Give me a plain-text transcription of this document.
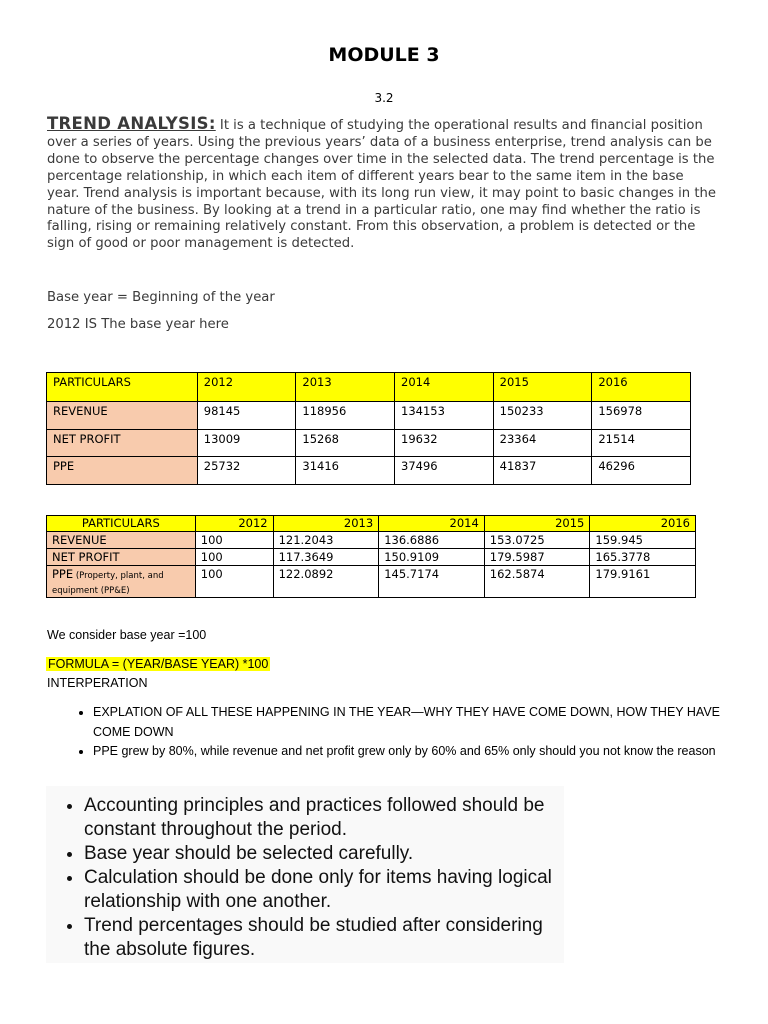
MODULE 3
3.2
TREND ANALYSIS: It is a technique of studying the operational results and financial position over a series of years. Using the previous years’ data of a business enterprise, trend analysis can be done to observe the percentage changes over time in the selected data. The trend percentage is the percentage relationship, in which each item of different years bear to the same item in the base year. Trend analysis is important because, with its long run view, it may point to basic changes in the nature of the business. By looking at a trend in a particular ratio, one may find whether the ratio is falling, rising or remaining relatively constant. From this observation, a problem is detected or the sign of good or poor management is detected.
Base year = Beginning of the year
2012 IS The base year here
PARTICULARS	2012	2013	2014	2015	2016
REVENUE	98145	118956	134153	150233	156978
NET PROFIT	13009	15268	19632	23364	21514
PPE	25732	31416	37496	41837	46296
PARTICULARS	2012	2013	2014	2015	2016
REVENUE	100	121.2043	136.6886	153.0725	159.945
NET PROFIT	100	117.3649	150.9109	179.5987	165.3778
PPE (Property, plant, and equipment (PP&E)	100	122.0892	145.7174	162.5874	179.9161
We consider base year =100
FORMULA = (YEAR/BASE YEAR) *100
INTERPERATION
• EXPLATION OF ALL THESE HAPPENING IN THE YEAR—WHY THEY HAVE COME DOWN, HOW THEY HAVE COME DOWN
• PPE grew by 80%, while revenue and net profit grew only by 60% and 65% only should you not know the reason
• Accounting principles and practices followed should be constant throughout the period.
• Base year should be selected carefully.
• Calculation should be done only for items having logical relationship with one another.
• Trend percentages should be studied after considering the absolute figures.
